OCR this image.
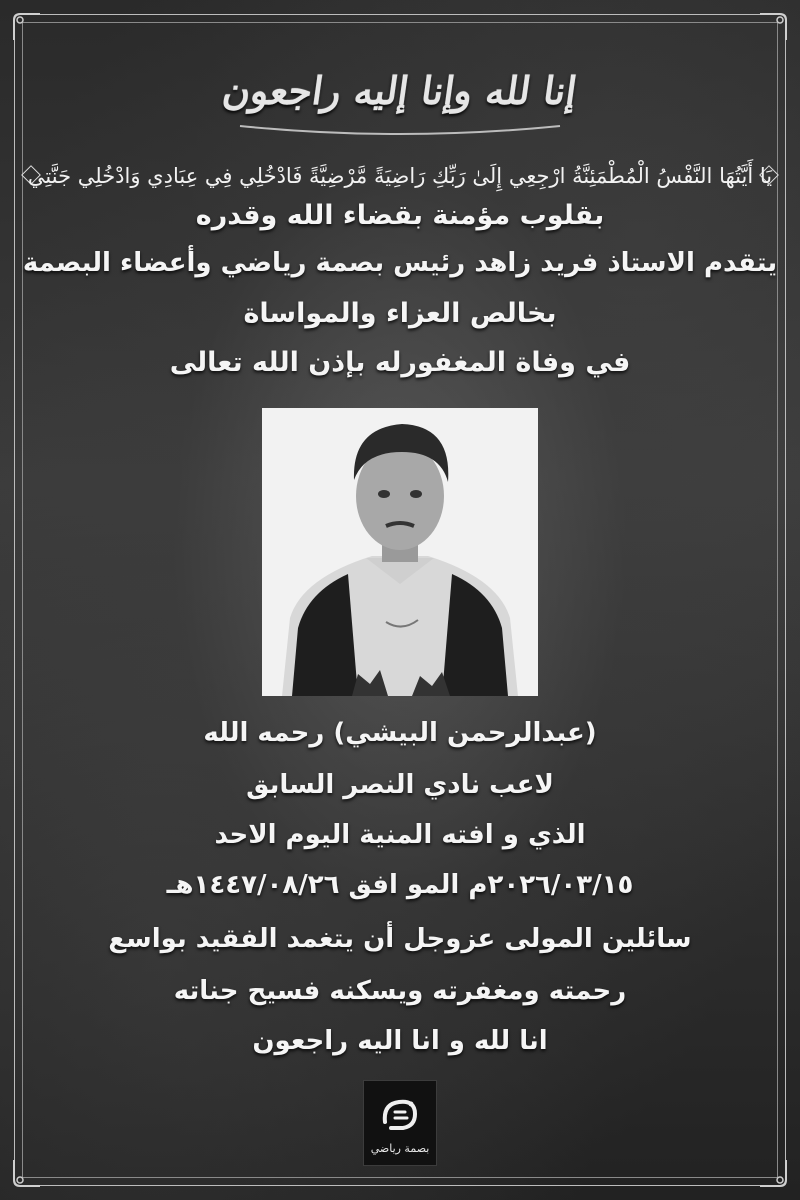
إنا لله وإنا إليه راجعون
يَا أَيَّتُهَا النَّفْسُ الْمُطْمَئِنَّةُ ارْجِعِي إِلَىٰ رَبِّكِ رَاضِيَةً مَّرْضِيَّةً فَادْخُلِي فِي عِبَادِي وَادْخُلِي جَنَّتِي
بقلوب مؤمنة بقضاء الله وقدره
يتقدم الاستاذ فريد زاهد رئيس بصمة رياضي وأعضاء البصمة
بخالص العزاء والمواساة
في وفاة المغفورله بإذن الله تعالى
(عبدالرحمن البيشي) رحمه الله
لاعب نادي النصر السابق
الذي و افته المنية اليوم الاحد
٢٠٢٦/٠٣/١٥م المو افق ١٤٤٧/٠٨/٢٦هـ
سائلين المولى عزوجل أن يتغمد الفقيد بواسع
رحمته ومغفرته ويسكنه فسيح جناته
انا لله و انا اليه راجعون
بصمة رياضي
